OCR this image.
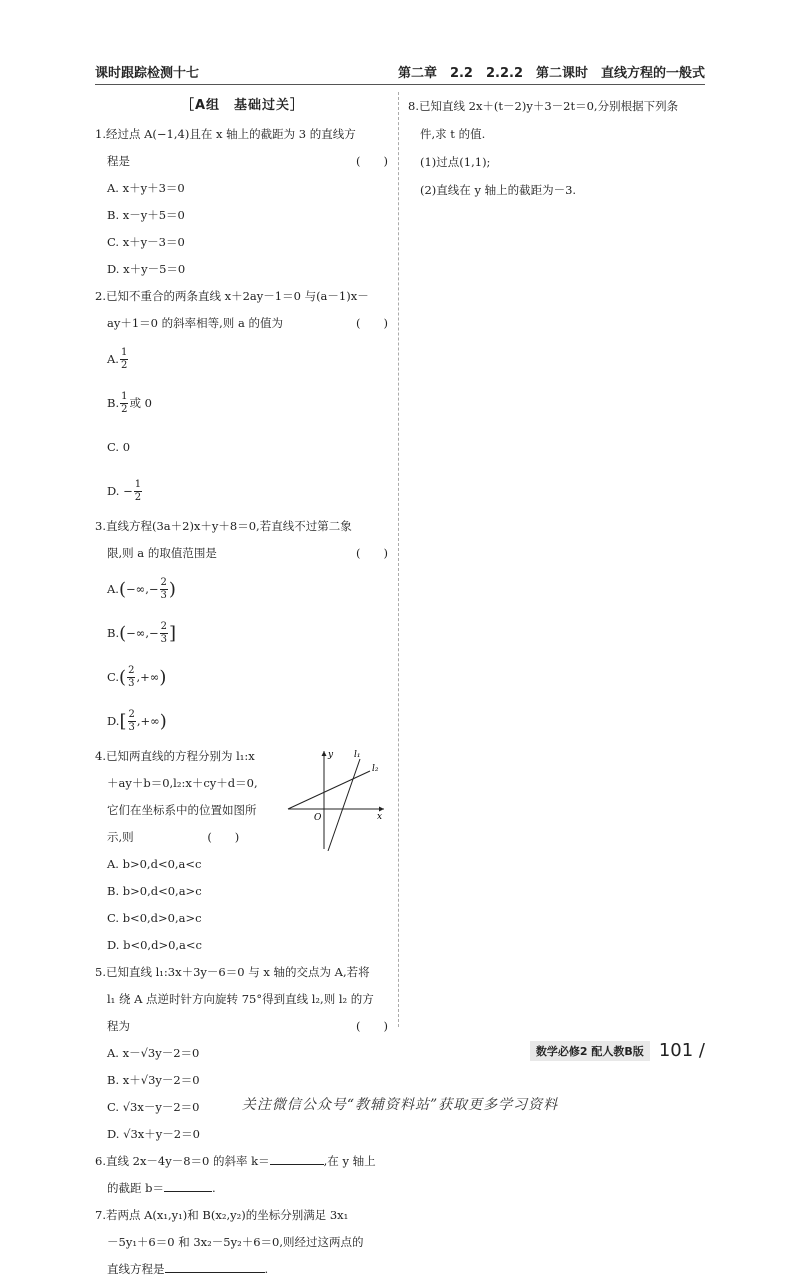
课时跟踪检测十七	第二章　2.2　2.2.2　第二课时　直线方程的一般式
［A组　基础过关］
1.经过点 A(−1,4)且在 x 轴上的截距为 3 的直线方
程是	(　　)
A. x＋y＋3＝0
B. x－y＋5＝0
C. x＋y－3＝0
D. x＋y－5＝0
2.已知不重合的两条直线 x＋2ay－1＝0 与(a－1)x－
ay＋1＝0 的斜率相等,则 a 的值为	(　　)
A. $\frac{1}{2}$
B. $\frac{1}{2}$ 或 0
C. 0
D. − $\frac{1}{2}$
3.直线方程(3a＋2)x＋y＋8＝0,若直线不过第二象
限,则 a 的取值范围是	(　　)
A. ( −∞,− $\frac{2}{3}$ )
B. ( −∞,− $\frac{2}{3}$ ]
C. ( $\frac{2}{3}$ ,+∞ )
D. [ $\frac{2}{3}$ ,+∞ )
4.已知两直线的方程分别为 l₁:x
＋ay＋b＝0,l₂:x＋cy＋d＝0,
它们在坐标系中的位置如图所
示,则	(　　)
A. b>0,d<0,a<c
B. b>0,d<0,a>c
C. b<0,d>0,a>c
D. b<0,d>0,a<c
y
x
O
l₁
l₂
5.已知直线 l₁:3x＋3y－6＝0 与 x 轴的交点为 A,若将
l₁ 绕 A 点逆时针方向旋转 75°得到直线 l₂,则 l₂ 的方
程为	(　　)
A. x－√3y－2＝0
B. x＋√3y－2＝0
C. √3x－y－2＝0
D. √3x＋y－2＝0
6.直线 2x－4y－8＝0 的斜率 k＝	,在 y 轴上
的截距 b＝	.
7.若两点 A(x₁,y₁)和 B(x₂,y₂)的坐标分别满足 3x₁
－5y₁＋6＝0 和 3x₂－5y₂＋6＝0,则经过这两点的
直线方程是	.
8.已知直线 2x＋(t－2)y＋3－2t＝0,分别根据下列条
件,求 t 的值.
(1)过点(1,1);
(2)直线在 y 轴上的截距为－3.
数学必修2 配人教B版 101 /
关注微信公众号“教辅资料站”获取更多学习资料
